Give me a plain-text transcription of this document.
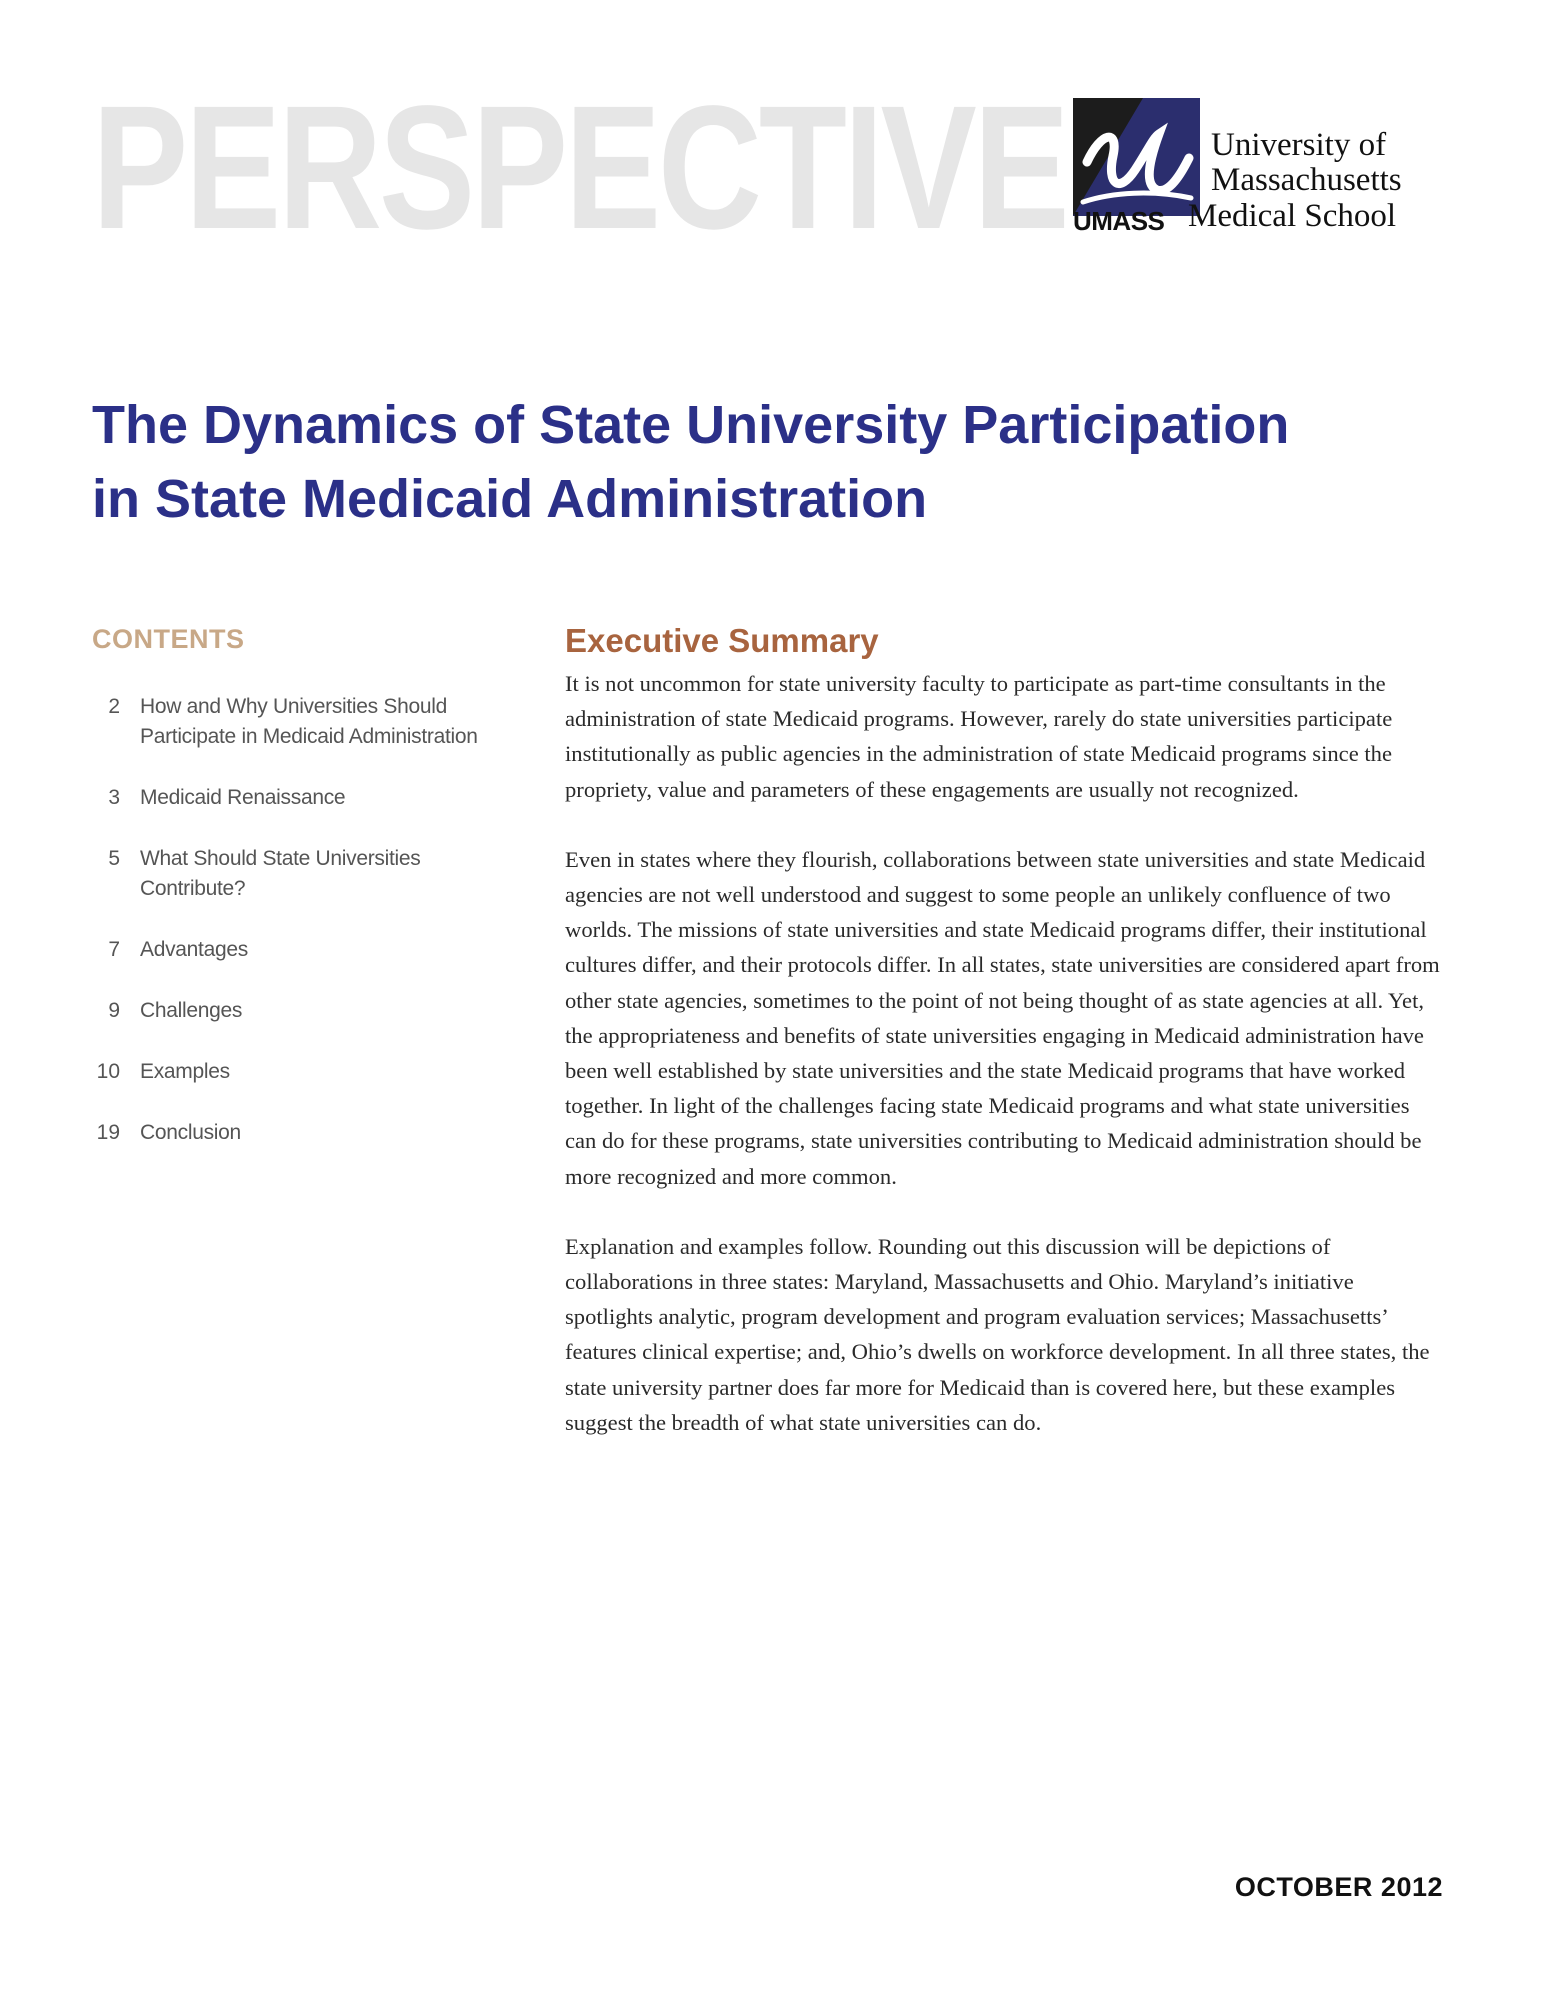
PERSPECTIVE	University of
Massachusetts
UMASS Medical School
The Dynamics of State University Participation
in State Medicaid Administration
CONTENTS
2 How and Why Universities Should
Participate in Medicaid Administration
3 Medicaid Renaissance
5 What Should State Universities
Contribute?
7 Advantages
9 Challenges
10 Examples
19 Conclusion
Executive Summary

It is not uncommon for state university faculty to participate as part-time consultants in the administration of state Medicaid programs. However, rarely do state universities participate institutionally as public agencies in the administration of state Medicaid programs since the propriety, value and parameters of these engagements are usually not recognized.

Even in states where they flourish, collaborations between state universities and state Medicaid agencies are not well understood and suggest to some people an unlikely confluence of two worlds. The missions of state universities and state Medicaid programs differ, their institutional cultures differ, and their protocols differ. In all states, state universities are considered apart from other state agencies, sometimes to the point of not being thought of as state agencies at all. Yet, the appropriateness and benefits of state universities engaging in Medicaid administration have been well established by state universities and the state Medicaid programs that have worked together. In light of the challenges facing state Medicaid programs and what state universities can do for these programs, state universities contributing to Medicaid administration should be more recognized and more common.

Explanation and examples follow. Rounding out this discussion will be depictions of collaborations in three states: Maryland, Massachusetts and Ohio. Maryland’s initiative spotlights analytic, program development and program evaluation services; Massachusetts’ features clinical expertise; and, Ohio’s dwells on workforce development. In all three states, the state university partner does far more for Medicaid than is covered here, but these examples suggest the breadth of what state universities can do.

OCTOBER 2012
